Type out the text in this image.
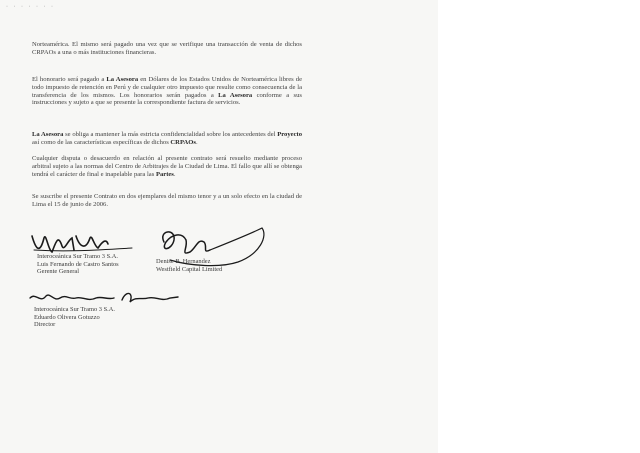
· · · · · · ·
Norteamérica. El mismo será pagado una vez que se verifique una transacción de venta de dichos CRPAOs a una o más instituciones financieras.
El honorario será pagado a La Asesora en Dólares de los Estados Unidos de Norteamérica libres de todo impuesto de retención en Perú y de cualquier otro impuesto que resulte como consecuencia de la transferencia de los mismos. Los honorarios serán pagados a La Asesora conforme a sus instrucciones y sujeto a que se presente la correspondiente factura de servicios.
La Asesora se obliga a mantener la más estricta confidencialidad sobre los antecedentes del Proyecto así como de las características específicas de dichos CRPAOs.
Cualquier disputa o desacuerdo en relación al presente contrato será resuelto mediante proceso arbitral sujeto a las normas del Centro de Arbitrajes de la Ciudad de Lima. El fallo que allí se obtenga tendrá el carácter de final e inapelable para las Partes.
Se suscribe el presente Contrato en dos ejemplares del mismo tenor y a un solo efecto en la ciudad de Lima el 15 de junio de 2006.
Interoceánica Sur Tramo 3 S.A.
Luis Fernando de Castro Santos
Gerente General
Denise B. Hernandez
Westfield Capital Limited
Interoceánica Sur Tramo 3 S.A.
Eduardo Olivera Gotuzzo
Director
